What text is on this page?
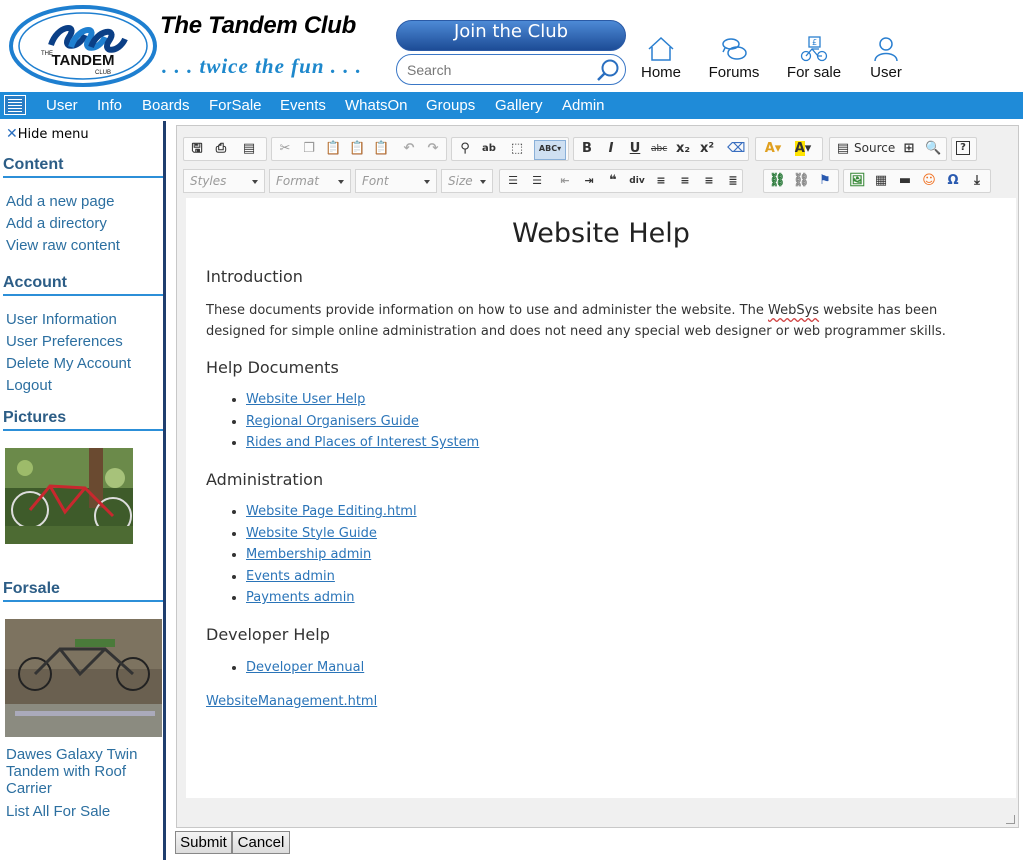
TANDEM
THE
CLUB
The Tandem Club
. . . twice the fun . . .
Join the Club
Search
Home	Forums
£
For sale	User
User Info Boards ForSale Events WhatsOn Groups Gallery Admin
✕Hide menu
Content
Add a new page
Add a directory
View raw content
Account
User Information
User Preferences
Delete My Account
Logout
Pictures
Forsale
Dawes Galaxy Twin Tandem with Roof Carrier
List All For Sale
🖫 ⎙ ▤ ✂ ❐ 📋 📋 📋 ↶ ↷ ⚲	ab ⬚	ABC▾	B	I	U	abc x₂ x² ⌫ A▾ A▾ ▤ Source ⊞ 🔍	?
Styles	Format	Font	Size	☰ ☰	⇤	⇥	❝	div	≡	≡	≡	≣ ⛓ ⛓ ⚑ 🖼 ▦ ▬ ☺ Ω	⤓
Website Help
Introduction
These documents provide information on how to use and administer the website. The WebSys website has been designed for simple online administration and does not need any special web designer or web programmer skills.
Help Documents
• Website User Help
• Regional Organisers Guide
• Rides and Places of Interest System
Administration
• Website Page Editing.html
• Website Style Guide
• Membership admin
• Events admin
• Payments admin
Developer Help
• Developer Manual
WebsiteManagement.html
Submit Cancel
